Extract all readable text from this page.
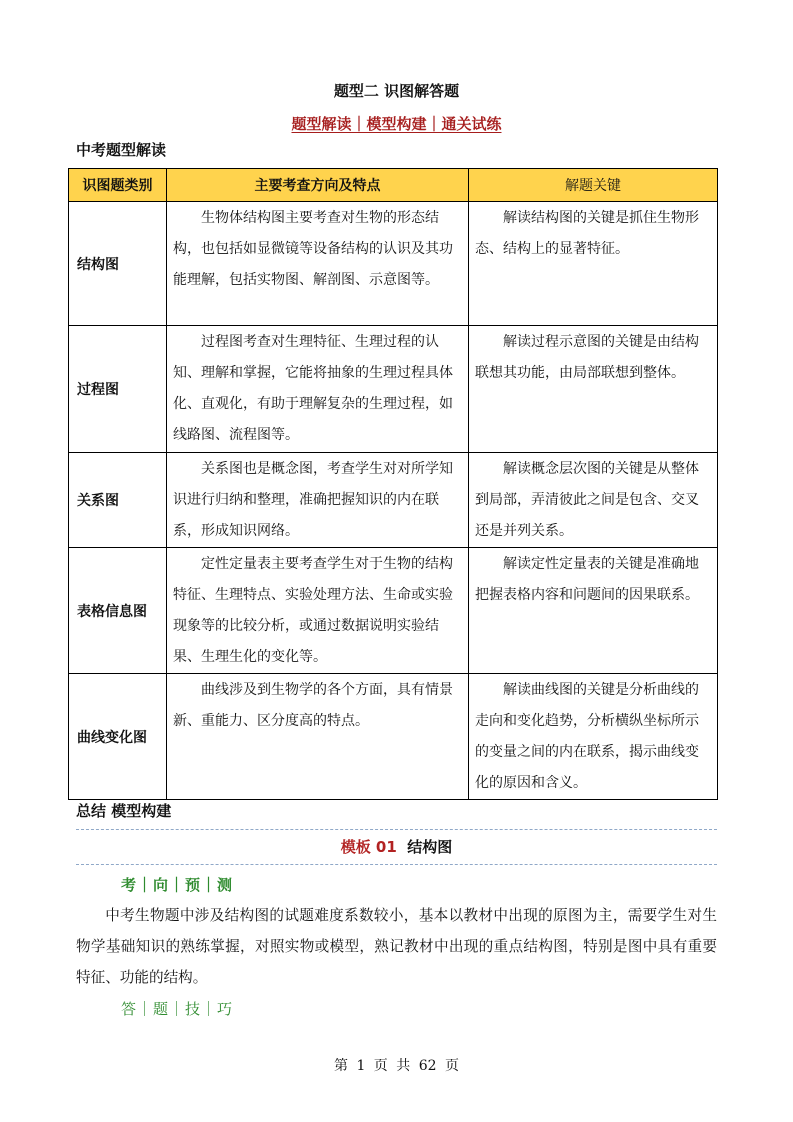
题型二 识图解答题
题型解读｜模型构建｜通关试练
中考题型解读
识图题类别	主要考查方向及特点	解题关键
结构图	生物体结构图主要考查对生物的形态结构，也包括如显微镜等设备结构的认识及其功能理解，包括实物图、解剖图、示意图等。	解读结构图的关键是抓住生物形态、结构上的显著特征。
过程图	过程图考查对生理特征、生理过程的认知、理解和掌握，它能将抽象的生理过程具体化、直观化，有助于理解复杂的生理过程，如线路图、流程图等。	解读过程示意图的关键是由结构联想其功能，由局部联想到整体。
关系图	关系图也是概念图，考查学生对对所学知识进行归纳和整理，准确把握知识的内在联系，形成知识网络。	解读概念层次图的关键是从整体到局部，弄清彼此之间是包含、交叉还是并列关系。
表格信息图	定性定量表主要考查学生对于生物的结构特征、生理特点、实验处理方法、生命或实验现象等的比较分析，或通过数据说明实验结果、生理生化的变化等。	解读定性定量表的关键是准确地把握表格内容和问题间的因果联系。
曲线变化图	曲线涉及到生物学的各个方面，具有情景新、重能力、区分度高的特点。	解读曲线图的关键是分析曲线的走向和变化趋势，分析横纵坐标所示的变量之间的内在联系，揭示曲线变化的原因和含义。
总结 模型构建
模板 01 结构图
考｜向｜预｜测
中考生物题中涉及结构图的试题难度系数较小，基本以教材中出现的原图为主，需要学生对生物学基础知识的熟练掌握，对照实物或模型，熟记教材中出现的重点结构图，特别是图中具有重要特征、功能的结构。
答｜题｜技｜巧
第 1 页 共 62 页
